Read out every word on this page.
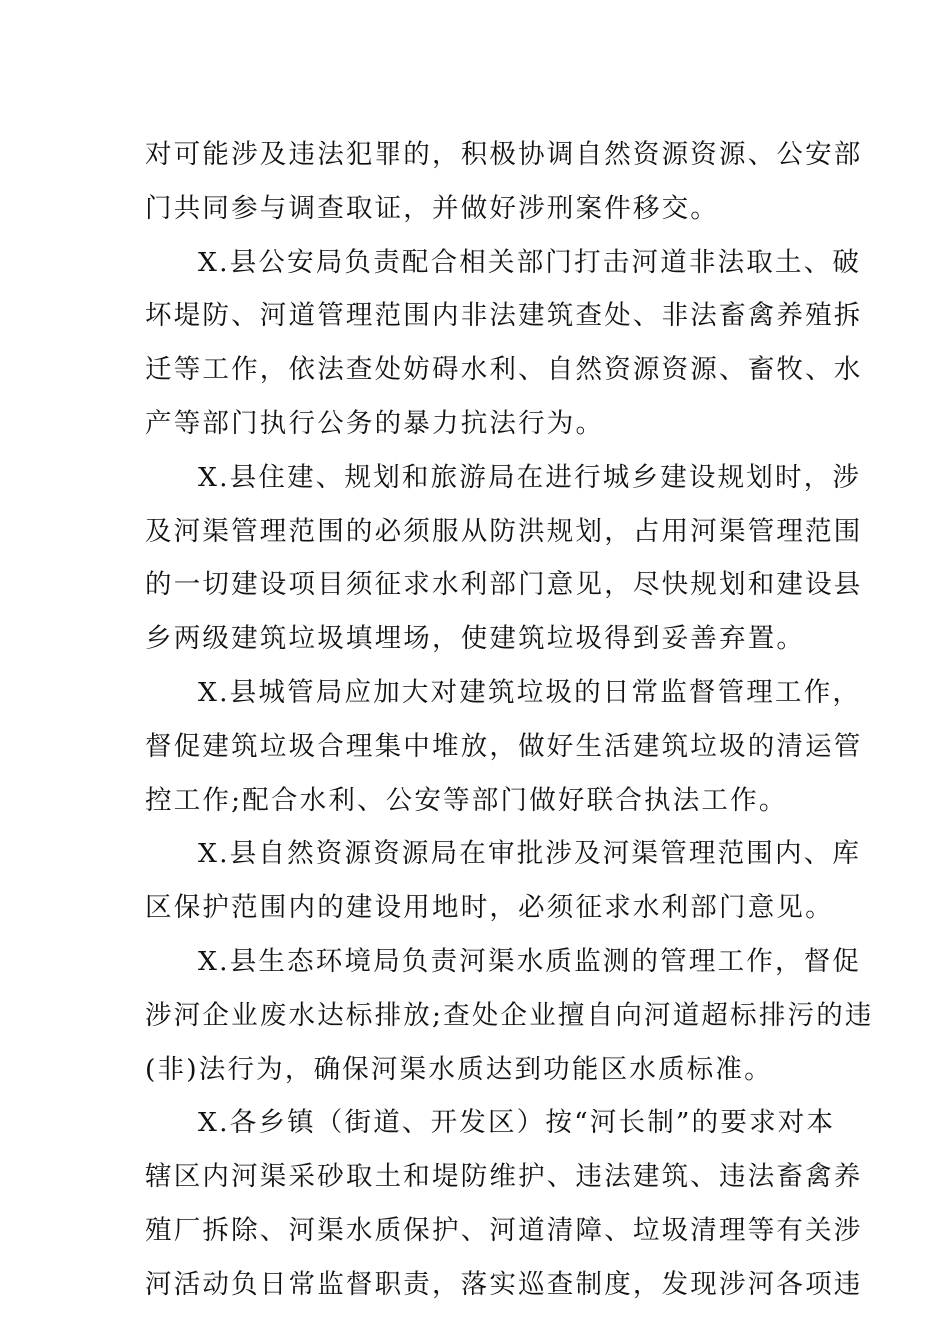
对可能涉及违法犯罪的，积极协调自然资源资源、公安部
门共同参与调查取证，并做好涉刑案件移交。

X.县公安局负责配合相关部门打击河道非法取土、破
坏堤防、河道管理范围内非法建筑查处、非法畜禽养殖拆
迁等工作，依法查处妨碍水利、自然资源资源、畜牧、水
产等部门执行公务的暴力抗法行为。

X.县住建、规划和旅游局在进行城乡建设规划时，涉
及河渠管理范围的必须服从防洪规划，占用河渠管理范围
的一切建设项目须征求水利部门意见，尽快规划和建设县
乡两级建筑垃圾填埋场，使建筑垃圾得到妥善弃置。

X.县城管局应加大对建筑垃圾的日常监督管理工作，
督促建筑垃圾合理集中堆放，做好生活建筑垃圾的清运管
控工作;配合水利、公安等部门做好联合执法工作。

X.县自然资源资源局在审批涉及河渠管理范围内、库
区保护范围内的建设用地时，必须征求水利部门意见。

X.县生态环境局负责河渠水质监测的管理工作，督促
涉河企业废水达标排放;查处企业擅自向河道超标排污的违
(非)法行为，确保河渠水质达到功能区水质标准。

X.各乡镇（街道、开发区）按“河长制”的要求对本
辖区内河渠采砂取土和堤防维护、违法建筑、违法畜禽养
殖厂拆除、河渠水质保护、河道清障、垃圾清理等有关涉
河活动负日常监督职责，落实巡查制度，发现涉河各项违
